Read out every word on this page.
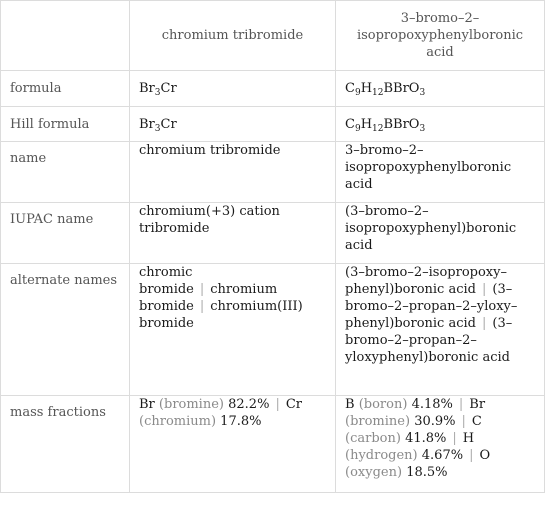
	chromium tribromide	3–bromo–2–isopropoxyphenylboronic acid
formula	$Br_3Cr$	$C_9H_{12}BBrO_3$
Hill formula	$Br_3Cr$	$C_9H_{12}BBrO_3$
name	chromium tribromide	3–bromo–2–isopropoxyphenylboronic acid
IUPAC name	chromium(+3) cation tribromide	(3–bromo–2–isopropoxyphenyl)boronic acid
alternate names	chromic bromide | chromium bromide | chromium(III) bromide	(3–bromo–2–isopropoxy–phenyl)boronic acid | (3–bromo–2–propan–2–yloxy–phenyl)boronic acid | (3–bromo–2–propan–2–yloxyphenyl)boronic acid
mass fractions	Br (bromine) 82.2% | Cr (chromium) 17.8%	B (boron) 4.18% | Br (bromine) 30.9% | C (carbon) 41.8% | H (hydrogen) 4.67% | O (oxygen) 18.5%
